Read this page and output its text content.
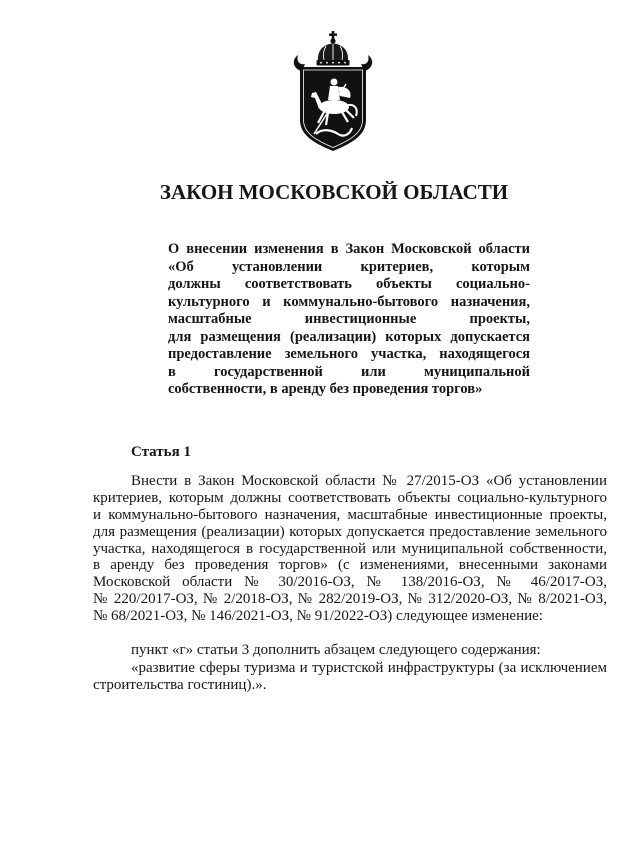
ЗАКОН МОСКОВСКОЙ ОБЛАСТИ
О внесении изменения в Закон Московской области
«Об установлении критериев, которым
должны соответствовать объекты социально-
культурного и коммунально-бытового назначения,
масштабные инвестиционные проекты,
для размещения (реализации) которых допускается
предоставление земельного участка, находящегося
в государственной или муниципальной
собственности, в аренду без проведения торгов»
Статья 1
Внести в Закон Московской области № 27/2015-ОЗ «Об установлении
критериев, которым должны соответствовать объекты социально-культурного
и коммунально-бытового назначения, масштабные инвестиционные проекты,
для размещения (реализации) которых допускается предоставление земельного
участка, находящегося в государственной или муниципальной собственности,
в аренду без проведения торгов» (с изменениями, внесенными законами
Московской области № 30/2016-ОЗ, № 138/2016-ОЗ, № 46/2017-ОЗ,
№ 220/2017-ОЗ, № 2/2018-ОЗ, № 282/2019-ОЗ, № 312/2020-ОЗ, № 8/2021-ОЗ,
№ 68/2021-ОЗ, № 146/2021-ОЗ, № 91/2022-ОЗ) следующее изменение:
пункт «г» статьи 3 дополнить абзацем следующего содержания:
«развитие сферы туризма и туристской инфраструктуры (за исключением
строительства гостиниц).».
